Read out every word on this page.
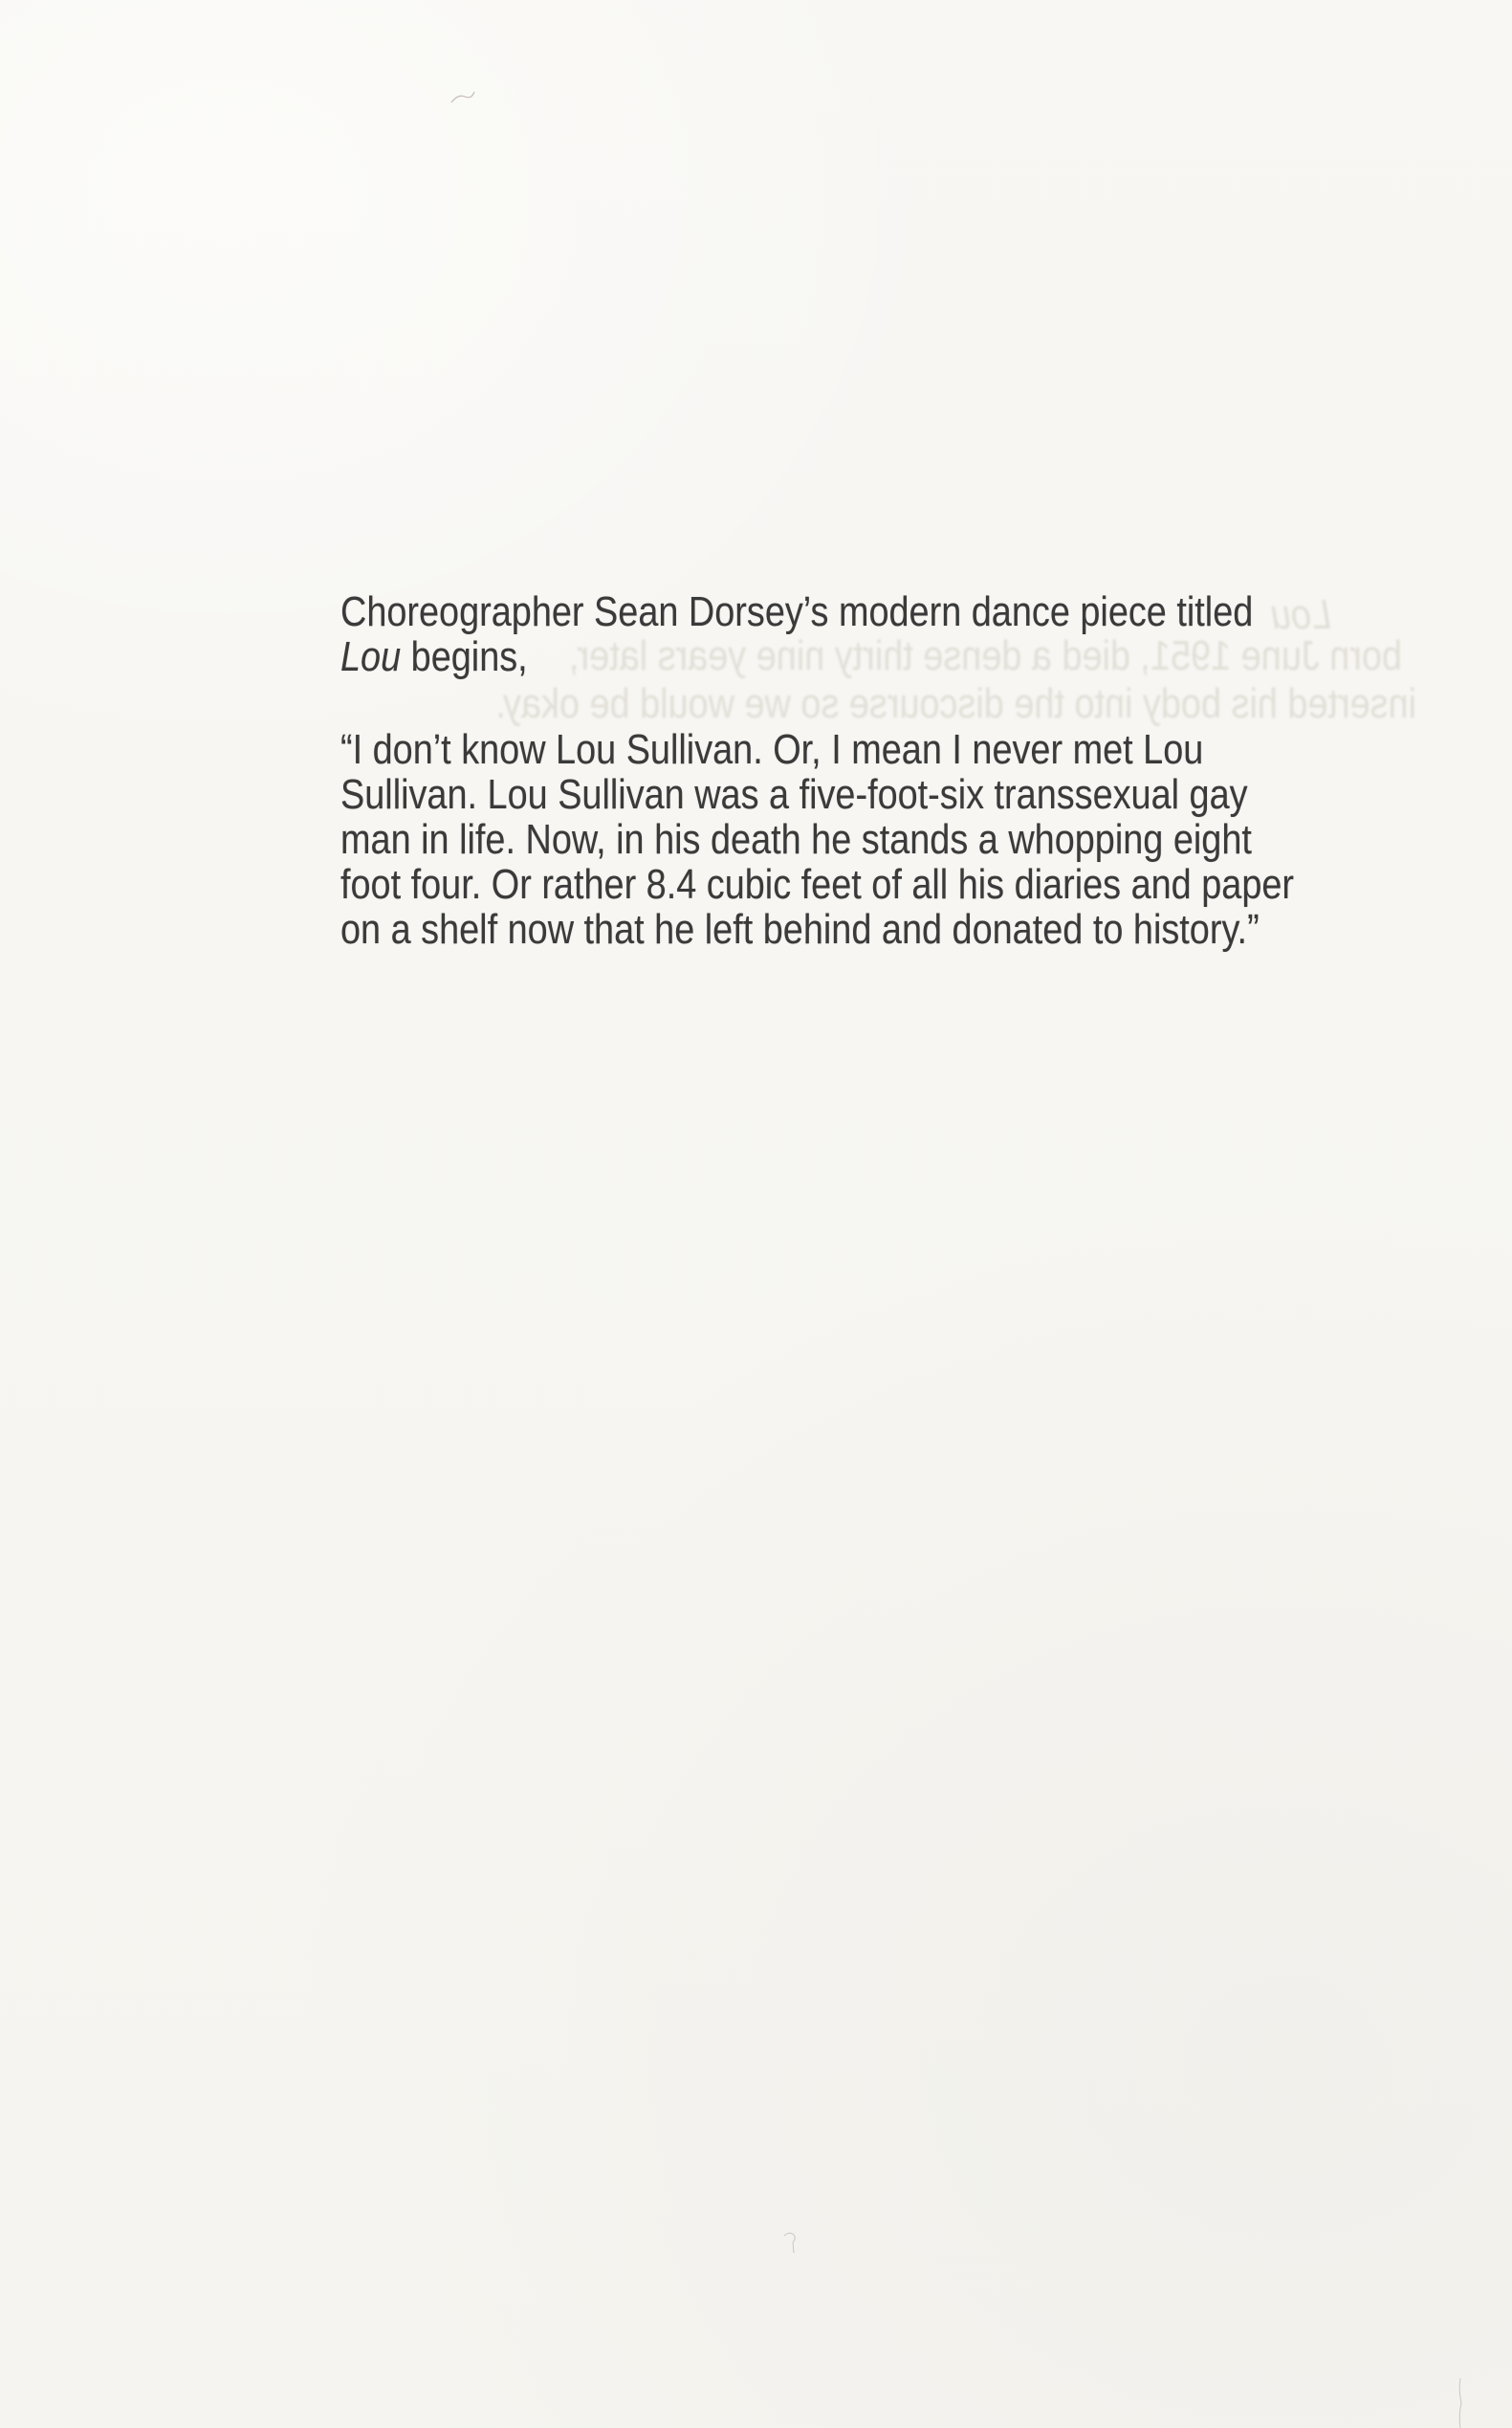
Lou
born June 1951, died a dense thirty nine years later,
inserted his body into the discourse so we would be okay.
Choreographer Sean Dorsey’s modern dance piece titled
Lou begins,
“I don’t know Lou Sullivan. Or, I mean I never met Lou
Sullivan. Lou Sullivan was a five-foot-six transsexual gay
man in life. Now, in his death he stands a whopping eight
foot four. Or rather 8.4 cubic feet of all his diaries and paper
on a shelf now that he left behind and donated to history.”
